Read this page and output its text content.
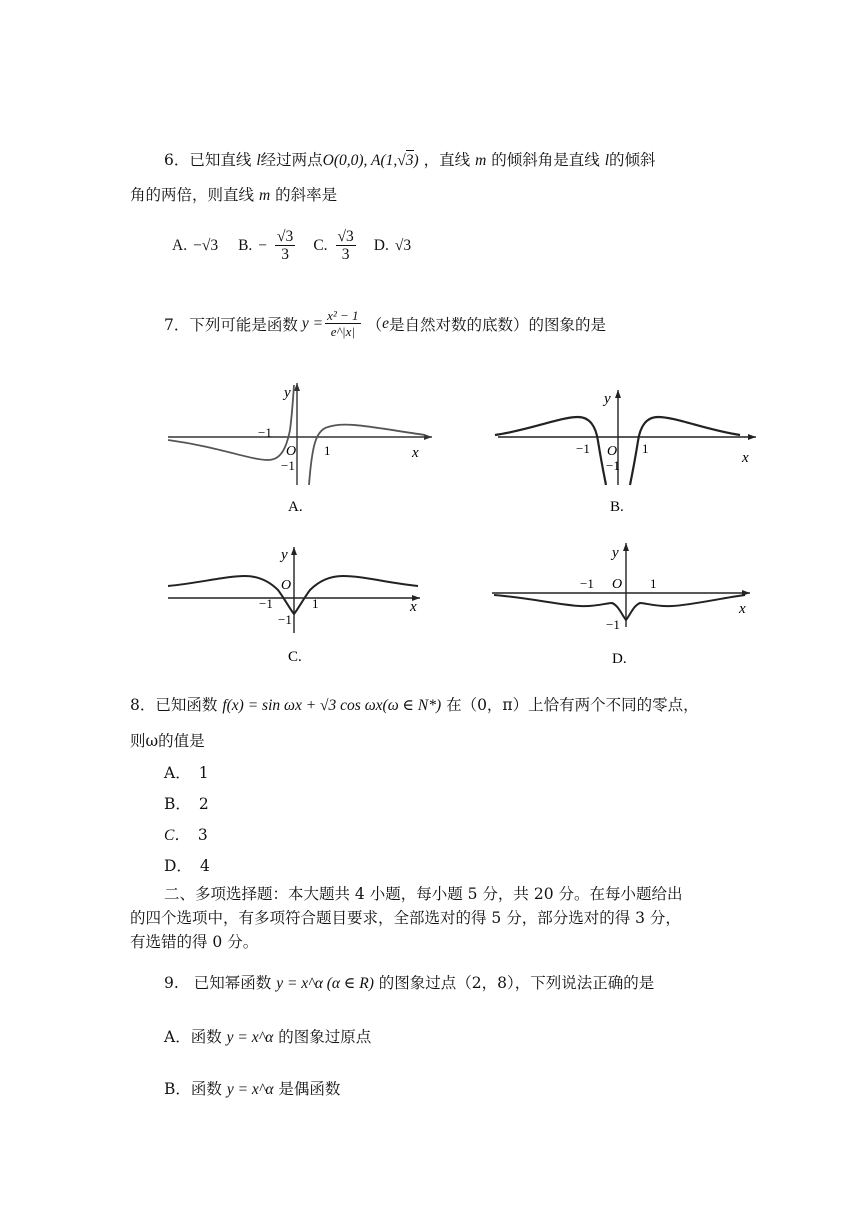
6．已知直线 l经过两点O(0,0), A(1,√3) ，直线 m 的倾斜角是直线 l的倾斜
角的两倍，则直线 m 的斜率是
A. −√3 B. − $\frac{√3}{3} C$. $\frac{√3}{3} D$. √3
7． 下列可能是函数 $y = \frac{\text{x² − 1}}{e\^{}|x|}$ （ e 是自然对数的底数）的图象的是
y
−1
O
−1
1	x
A.
y
−1 O
−1
1
x
B.
y
O
−1	1
−1
x
C.
y
−1 O 1
−1
x
D.
8．已知函数 f(x) = sin ωx + √3 cos ωx(ω ∈ N*) 在（0，π）上恰有两个不同的零点，
则ω的值是
A． 1
B． 2
C． 3
D． 4
二、多项选择题：本大题共 4 小题，每小题 5 分，共 20 分。在每小题给出
的四个选项中，有多项符合题目要求，全部选对的得 5 分，部分选对的得 3 分，
有选错的得 0 分。
9. 已知幂函数 y = x^α (α ∈ R) 的图象过点（2，8），下列说法正确的是
A．函数 y = x^α 的图象过原点
B．函数 y = x^α 是偶函数
